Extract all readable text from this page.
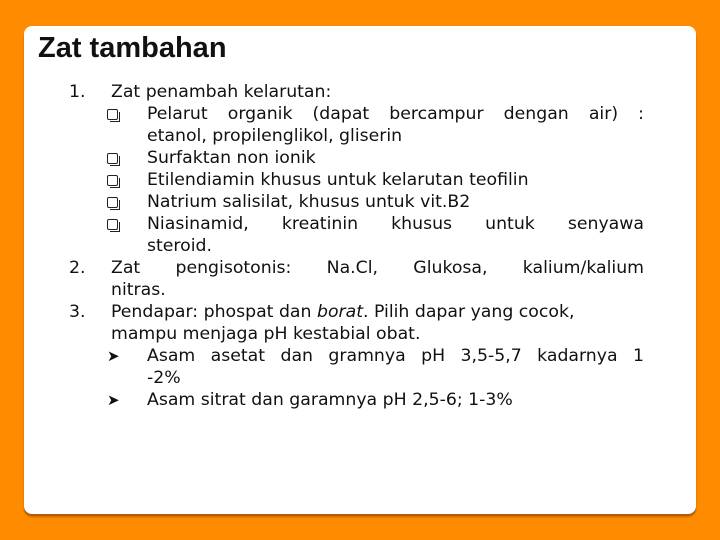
Zat tambahan
1. Zat penambah kelarutan:
Pelarut organik (dapat bercampur dengan air) :
etanol, propilenglikol, gliserin
Surfaktan non ionik
Etilendiamin khusus untuk kelarutan teofilin
Natrium salisilat, khusus untuk vit.B2
Niasinamid, kreatinin khusus untuk senyawa
steroid.
2. Zat pengisotonis: Na.Cl, Glukosa, kalium/kalium
nitras.
3. Pendapar: phospat dan borat. Pilih dapar yang cocok,
mampu menjaga pH kestabial obat.
➤	Asam asetat dan gramnya pH 3,5-5,7 kadarnya 1
-2%
➤	Asam sitrat dan garamnya pH 2,5-6; 1-3%
